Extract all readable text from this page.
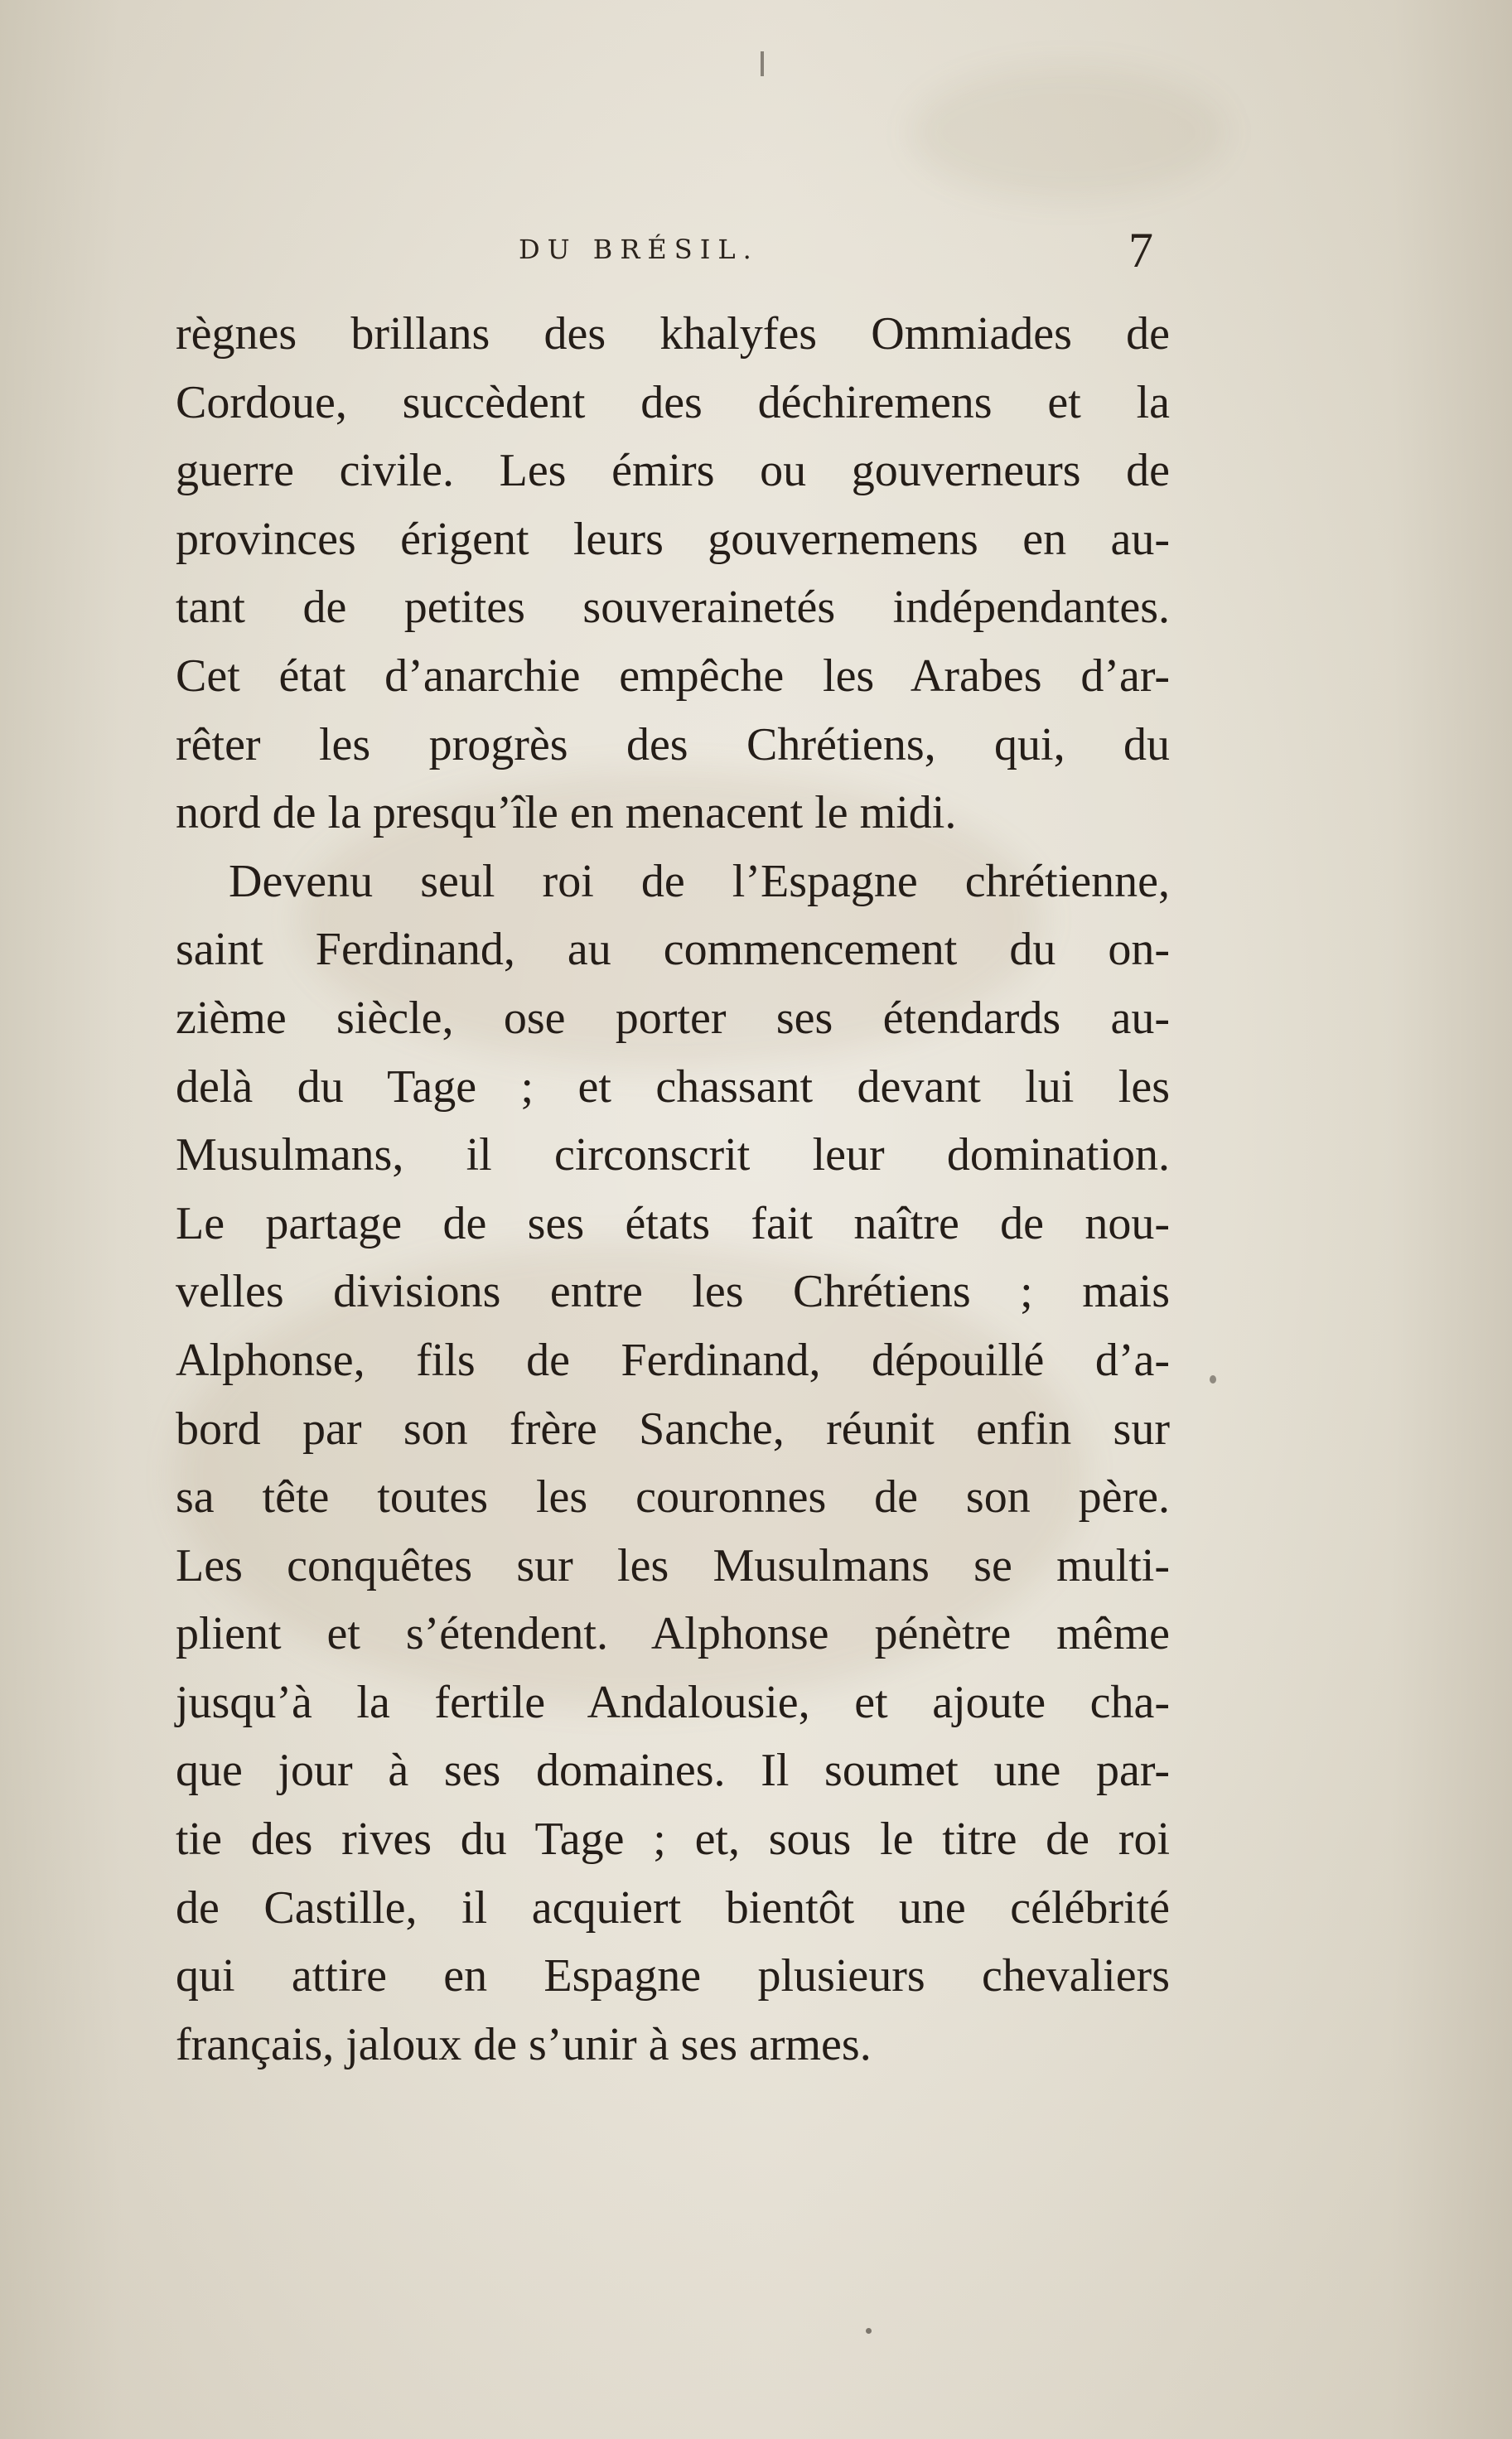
DU BRÉSIL.	7
règnes brillans des khalyfes Ommiades de
Cordoue, succèdent des déchiremens et la
guerre civile. Les émirs ou gouverneurs de
provinces érigent leurs gouvernemens en au-
tant de petites souverainetés indépendantes.
Cet état d’anarchie empêche les Arabes d’ar-
rêter les progrès des Chrétiens, qui, du
nord de la presqu’île en menacent le midi.
Devenu seul roi de l’Espagne chrétienne,
saint Ferdinand, au commencement du on-
zième siècle, ose porter ses étendards au-
delà du Tage ; et chassant devant lui les
Musulmans, il circonscrit leur domination.
Le partage de ses états fait naître de nou-
velles divisions entre les Chrétiens ; mais
Alphonse, fils de Ferdinand, dépouillé d’a-
bord par son frère Sanche, réunit enfin sur
sa tête toutes les couronnes de son père.
Les conquêtes sur les Musulmans se multi-
plient et s’étendent. Alphonse pénètre même
jusqu’à la fertile Andalousie, et ajoute cha-
que jour à ses domaines. Il soumet une par-
tie des rives du Tage ; et, sous le titre de roi
de Castille, il acquiert bientôt une célébrité
qui attire en Espagne plusieurs chevaliers
français, jaloux de s’unir à ses armes.
